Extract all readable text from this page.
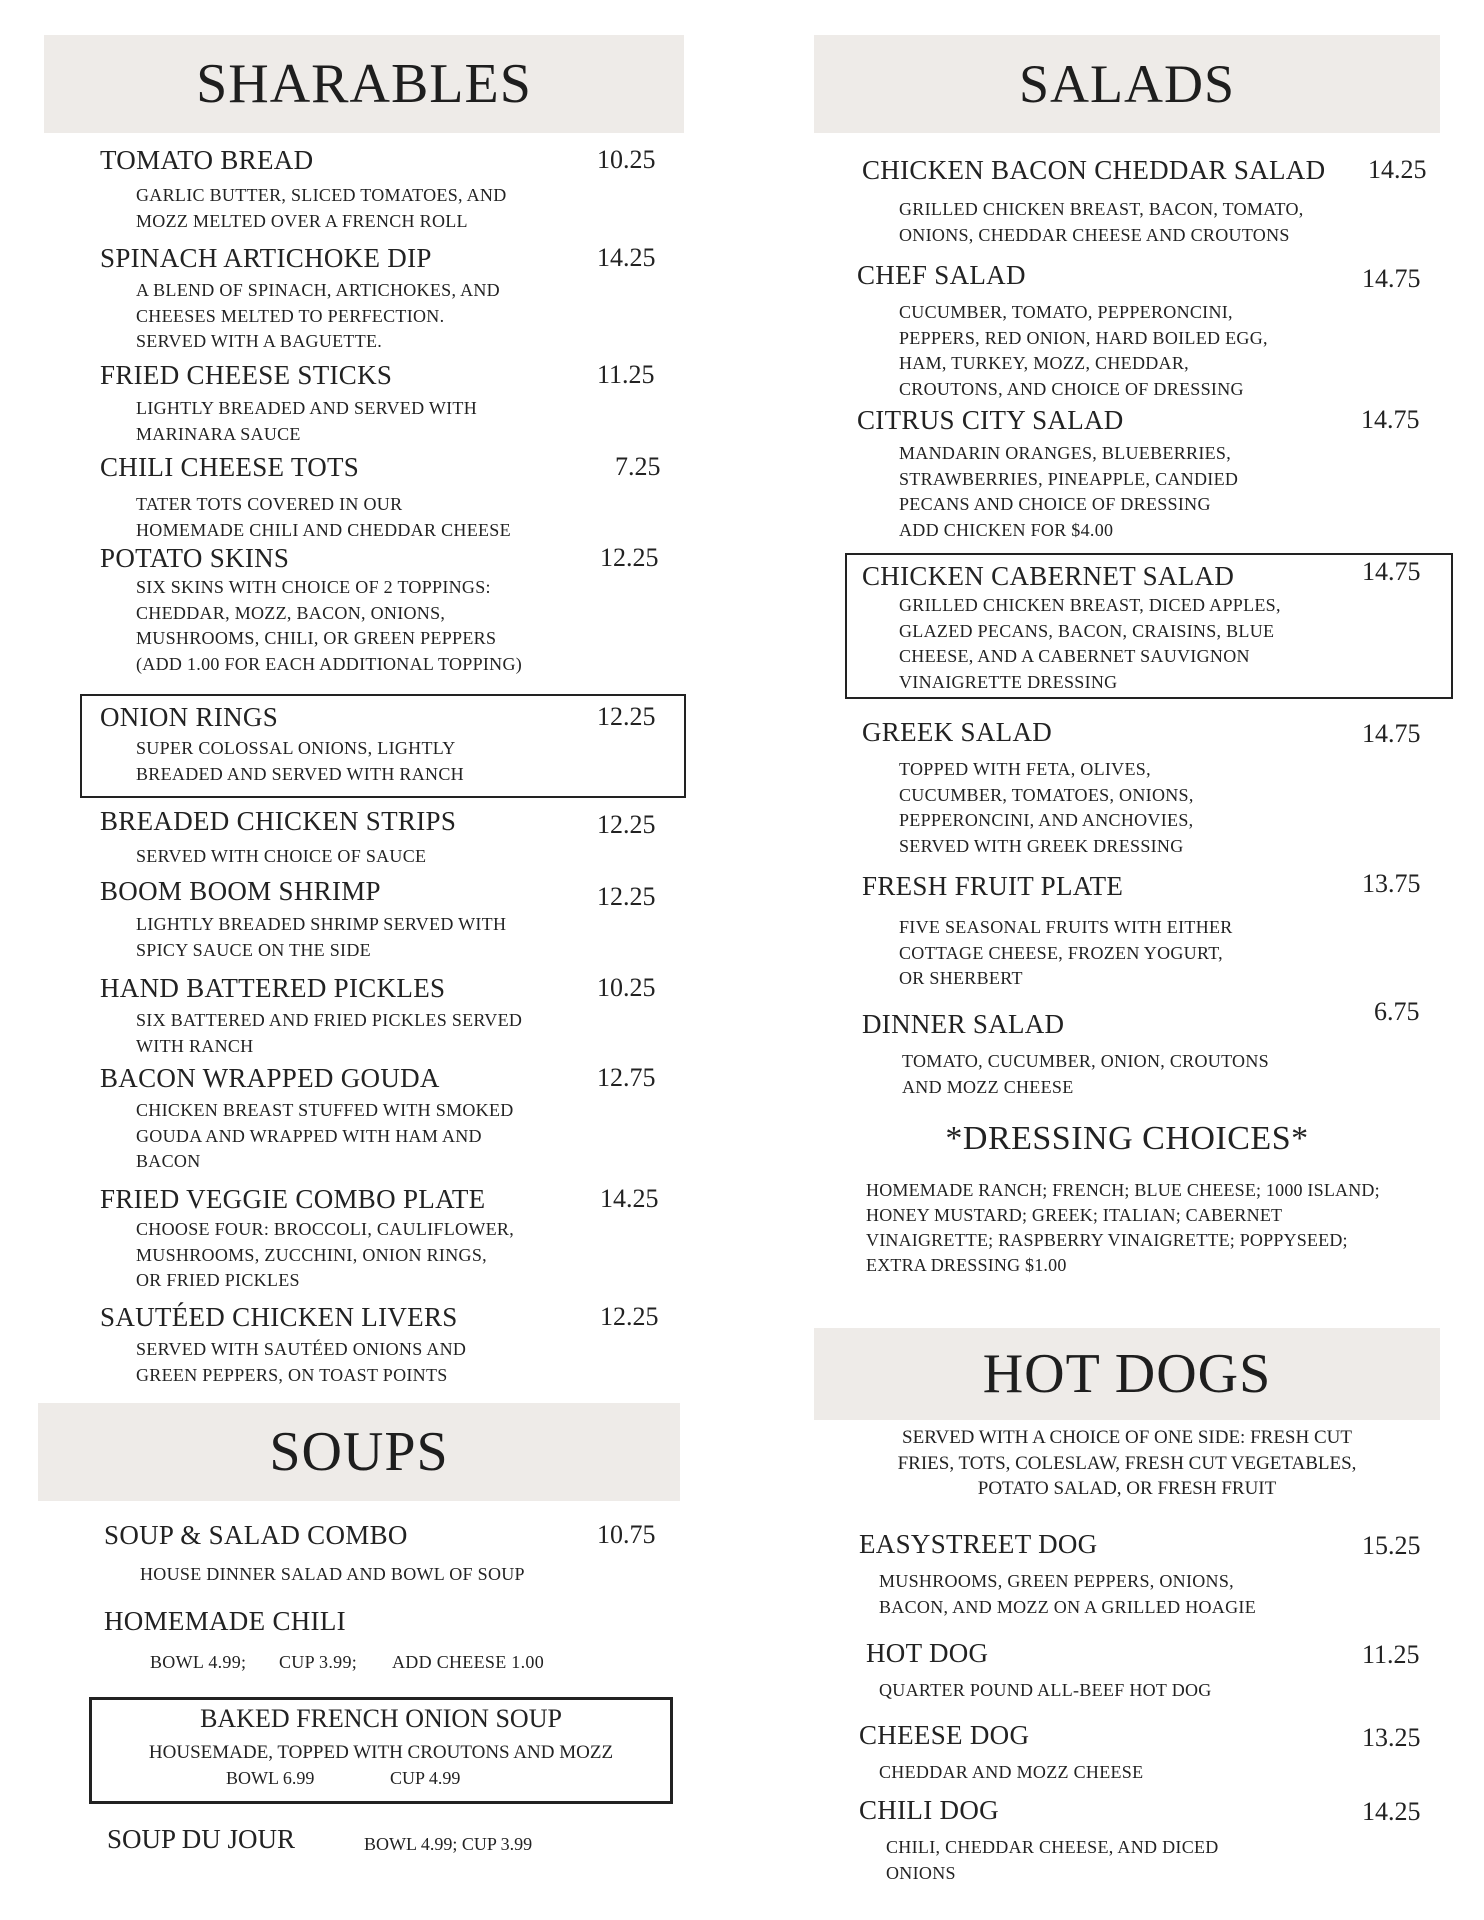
SHARABLES
TOMATO BREAD	10.25
GARLIC BUTTER, SLICED TOMATOES, AND
MOZZ MELTED OVER A FRENCH ROLL
SPINACH ARTICHOKE DIP	14.25
A BLEND OF SPINACH, ARTICHOKES, AND
CHEESES MELTED TO PERFECTION.
SERVED WITH A BAGUETTE.
FRIED CHEESE STICKS	11.25
LIGHTLY BREADED AND SERVED WITH
MARINARA SAUCE
CHILI CHEESE TOTS	7.25
TATER TOTS COVERED IN OUR
HOMEMADE CHILI AND CHEDDAR CHEESE
POTATO SKINS	12.25
SIX SKINS WITH CHOICE OF 2 TOPPINGS:
CHEDDAR, MOZZ, BACON, ONIONS,
MUSHROOMS, CHILI, OR GREEN PEPPERS
(ADD 1.00 FOR EACH ADDITIONAL TOPPING)
ONION RINGS	12.25
SUPER COLOSSAL ONIONS, LIGHTLY
BREADED AND SERVED WITH RANCH
BREADED CHICKEN STRIPS	12.25
SERVED WITH CHOICE OF SAUCE
BOOM BOOM SHRIMP	12.25
LIGHTLY BREADED SHRIMP SERVED WITH
SPICY SAUCE ON THE SIDE
HAND BATTERED PICKLES	10.25
SIX BATTERED AND FRIED PICKLES SERVED
WITH RANCH
BACON WRAPPED GOUDA	12.75
CHICKEN BREAST STUFFED WITH SMOKED
GOUDA AND WRAPPED WITH HAM AND
BACON
FRIED VEGGIE COMBO PLATE	14.25
CHOOSE FOUR: BROCCOLI, CAULIFLOWER,
MUSHROOMS, ZUCCHINI, ONION RINGS,
OR FRIED PICKLES
SAUTÉED CHICKEN LIVERS	12.25
SERVED WITH SAUTÉED ONIONS AND
GREEN PEPPERS, ON TOAST POINTS
SOUPS
SOUP & SALAD COMBO	10.75
HOUSE DINNER SALAD AND BOWL OF SOUP
HOMEMADE CHILI
BOWL 4.99; CUP 3.99; ADD CHEESE 1.00
BAKED FRENCH ONION SOUP
HOUSEMADE, TOPPED WITH CROUTONS AND MOZZ
BOWL 6.99	CUP 4.99
SOUP DU JOUR	BOWL 4.99; CUP 3.99
SALADS
CHICKEN BACON CHEDDAR SALAD 14.25
GRILLED CHICKEN BREAST, BACON, TOMATO,
ONIONS, CHEDDAR CHEESE AND CROUTONS
CHEF SALAD	14.75
CUCUMBER, TOMATO, PEPPERONCINI,
PEPPERS, RED ONION, HARD BOILED EGG,
HAM, TURKEY, MOZZ, CHEDDAR,
CROUTONS, AND CHOICE OF DRESSING
CITRUS CITY SALAD	14.75
MANDARIN ORANGES, BLUEBERRIES,
STRAWBERRIES, PINEAPPLE, CANDIED
PECANS AND CHOICE OF DRESSING
ADD CHICKEN FOR $4.00
CHICKEN CABERNET SALAD	14.75
GRILLED CHICKEN BREAST, DICED APPLES,
GLAZED PECANS, BACON, CRAISINS, BLUE
CHEESE, AND A CABERNET SAUVIGNON
VINAIGRETTE DRESSING
GREEK SALAD	14.75
TOPPED WITH FETA, OLIVES,
CUCUMBER, TOMATOES, ONIONS,
PEPPERONCINI, AND ANCHOVIES,
SERVED WITH GREEK DRESSING
FRESH FRUIT PLATE	13.75
FIVE SEASONAL FRUITS WITH EITHER
COTTAGE CHEESE, FROZEN YOGURT,
OR SHERBERT
DINNER SALAD	6.75
TOMATO, CUCUMBER, ONION, CROUTONS
AND MOZZ CHEESE
*DRESSING CHOICES*
HOMEMADE RANCH; FRENCH; BLUE CHEESE; 1000 ISLAND;
HONEY MUSTARD; GREEK; ITALIAN; CABERNET
VINAIGRETTE; RASPBERRY VINAIGRETTE; POPPYSEED;
EXTRA DRESSING $1.00
HOT DOGS
SERVED WITH A CHOICE OF ONE SIDE: FRESH CUT
FRIES, TOTS, COLESLAW, FRESH CUT VEGETABLES,
POTATO SALAD, OR FRESH FRUIT
EASYSTREET DOG	15.25
MUSHROOMS, GREEN PEPPERS, ONIONS,
BACON, AND MOZZ ON A GRILLED HOAGIE
HOT DOG	11.25
QUARTER POUND ALL-BEEF HOT DOG
CHEESE DOG	13.25
CHEDDAR AND MOZZ CHEESE
CHILI DOG	14.25
CHILI, CHEDDAR CHEESE, AND DICED
ONIONS
